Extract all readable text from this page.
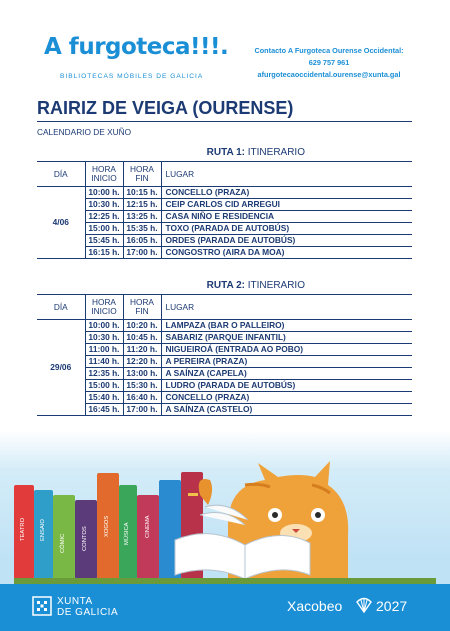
A furgoteca!!!.
BIBLIOTECAS MÓBILES DE GALICIA
Contacto A Furgoteca Ourense Occidental:
629 757 961
afurgotecaoccidental.ourense@xunta.gal
RAIRIZ DE VEIGA (OURENSE)
CALENDARIO DE XUÑO
RUTA 1: ITINERARIO
DÍA	HORA INICIO	HORA FIN	LUGAR
4/06	10:00 h.	10:15 h.	CONCELLO (PRAZA)
	10:30 h.	12:15 h.	CEIP CARLOS CID ARREGUI
	12:25 h.	13:25 h.	CASA NIÑO E RESIDENCIA
	15:00 h.	15:35 h.	TOXO (PARADA DE AUTOBÚS)
	15:45 h.	16:05 h.	ORDES (PARADA DE AUTOBÚS)
	16:15 h.	17:00 h.	CONGOSTRO (AIRA DA MOA)
RUTA 2: ITINERARIO
DÍA	HORA INICIO	HORA FIN	LUGAR
29/06	10:00 h.	10:20 h.	LAMPAZA (BAR O PALLEIRO)
	10:30 h.	10:45 h.	SABARIZ (PARQUE INFANTIL)
	11:00 h.	11:20 h.	NIGUEIROÁ (ENTRADA AO POBO)
	11:40 h.	12:20 h.	A PEREIRA (PRAZA)
	12:35 h.	13:00 h.	A SAÍNZA (CAPELA)
	15:00 h.	15:30 h.	LUDRO (PARADA DE AUTOBÚS)
	15:40 h.	16:40 h.	CONCELLO (PRAZA)
	16:45 h.	17:00 h.	A SAÍNZA (CASTELO)
TEATRO ENSAIO
CÓMIC	CONTOS	XOGOS MÚSICA	CINEMA
XUNTA
DE GALICIA	Xacobeo 2027
